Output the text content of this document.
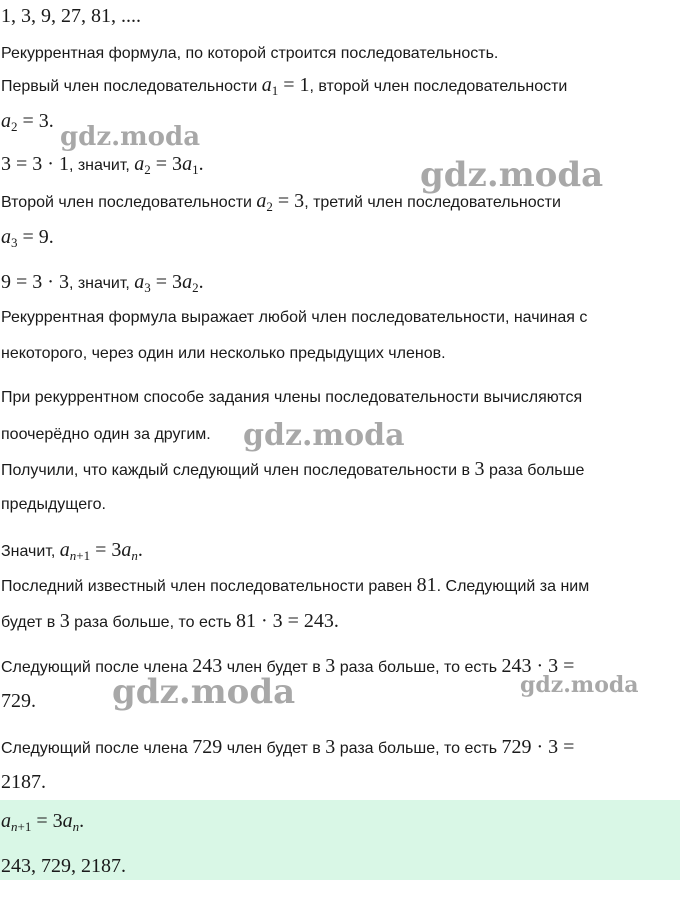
1, 3, 9, 27, 81, ....
Рекуррентная формула, по которой строится последовательность.
Первый член последовательности $a_1 = 1$, второй член последовательности
$a_2 = 3$.
3 = 3 · 1, значит, $a_2 = 3a_1$.
Второй член последовательности $a_2 = 3$, третий член последовательности
$a_3 = 9$.
9 = 3 · 3, значит, $a_3 = 3a_2$.
Рекуррентная формула выражает любой член последовательности, начиная с
некоторого, через один или несколько предыдущих членов.
При рекуррентном способе задания члены последовательности вычисляются
поочерёдно один за другим.
Получили, что каждый следующий член последовательности в 3 раза больше
предыдущего.
Значит, $a_{n+1} = 3a_n$.
Последний известный член последовательности равен 81. Следующий за ним
будет в 3 раза больше, то есть 81 · 3 = 243.
Следующий после члена 243 член будет в 3 раза больше, то есть 243 · 3 =
729.
Следующий после члена 729 член будет в 3 раза больше, то есть 729 · 3 =
2187.
$a_{n+1} = 3a_n$.
243, 729, 2187.
gdz.moda
gdz.moda
gdz.moda
gdz.moda	gdz.moda
